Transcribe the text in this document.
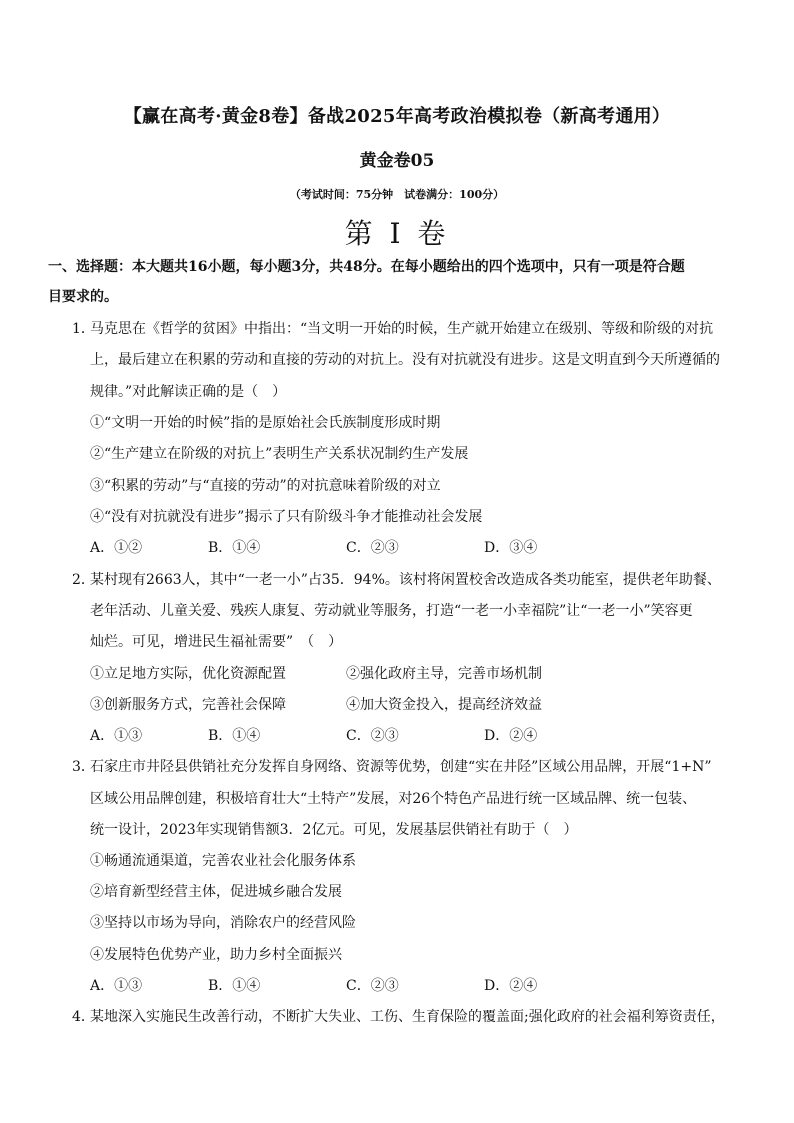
【赢在高考·黄金8卷】备战2025年高考政治模拟卷（新高考通用）
黄金卷05
（考试时间：75分钟　试卷满分：100分）
第 I 卷
一、选择题：本大题共16小题，每小题3分，共48分。在每小题给出的四个选项中，只有一项是符合题
目要求的。
1．
马克思在《哲学的贫困》中指出：“当文明一开始的时候，生产就开始建立在级别、等级和阶级的对抗
上，最后建立在积累的劳动和直接的劳动的对抗上。没有对抗就没有进步。这是文明直到今天所遵循的
规律。”对此解读正确的是（　）
①“文明一开始的时候”指的是原始社会氏族制度形成时期
②“生产建立在阶级的对抗上”表明生产关系状况制约生产发展
③“积累的劳动”与“直接的劳动”的对抗意味着阶级的对立
④“没有对抗就没有进步”揭示了只有阶级斗争才能推动社会发展
A．①②	B．①④	C．②③	D．③④
2．
某村现有2663人，其中“一老一小”占35．94%。该村将闲置校舍改造成各类功能室，提供老年助餐、
老年活动、儿童关爱、残疾人康复、劳动就业等服务，打造“一老一小幸福院”让“一老一小”笑容更
灿烂。可见，增进民生福祉需要”　（　）
①立足地方实际，优化资源配置	②强化政府主导，完善市场机制
③创新服务方式，完善社会保障	④加大资金投入，提高经济效益
A．①③	B．①④	C．②③	D．②④
3．
石家庄市井陉县供销社充分发挥自身网络、资源等优势，创建“实在井陉”区域公用品牌，开展“1+N”
区域公用品牌创建，积极培育壮大“土特产”发展，对26个特色产品进行统一区域品牌、统一包装、
统一设计，2023年实现销售额3．2亿元。可见，发展基层供销社有助于（　）
①畅通流通渠道，完善农业社会化服务体系
②培育新型经营主体，促进城乡融合发展
③坚持以市场为导向，消除农户的经营风险
④发展特色优势产业，助力乡村全面振兴
A．①③	B．①④	C．②③	D．②④
4．
某地深入实施民生改善行动，不断扩大失业、工伤、生育保险的覆盖面;强化政府的社会福利筹资责任，
